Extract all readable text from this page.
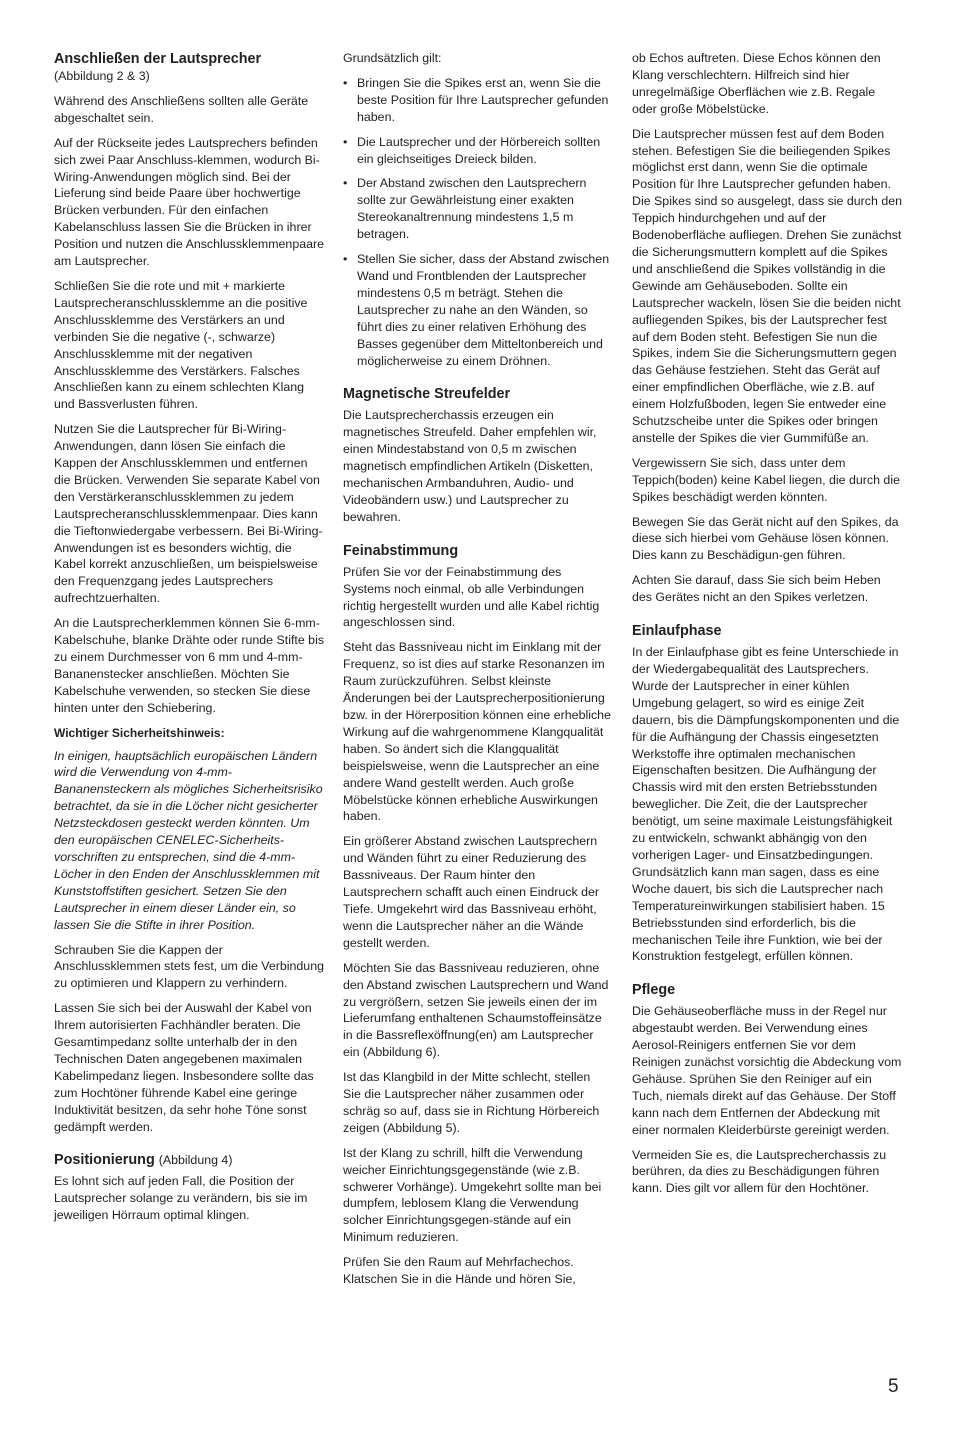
Anschließen der Lautsprecher

(Abbildung 2 & 3)

Während des Anschließens sollten alle Geräte abgeschaltet sein.

Auf der Rückseite jedes Lautsprechers befinden sich zwei Paar Anschluss-klemmen, wodurch Bi-Wiring-Anwendungen möglich sind. Bei der Lieferung sind beide Paare über hochwertige Brücken verbunden. Für den einfachen Kabelanschluss lassen Sie die Brücken in ihrer Position und nutzen die Anschlussklemmenpaare am Lautsprecher.

Schließen Sie die rote und mit + markierte Lautsprecheranschlussklemme an die positive Anschlussklemme des Verstärkers an und verbinden Sie die negative (-, schwarze) Anschlussklemme mit der negativen Anschlussklemme des Verstärkers. Falsches Anschließen kann zu einem schlechten Klang und Bassverlusten führen.

Nutzen Sie die Lautsprecher für Bi-Wiring-Anwendungen, dann lösen Sie einfach die Kappen der Anschlussklemmen und entfernen die Brücken. Verwenden Sie separate Kabel von den Verstärkeranschlussklemmen zu jedem Lautsprecheranschlussklemmenpaar. Dies kann die Tieftonwiedergabe verbessern. Bei Bi-Wiring-Anwendungen ist es besonders wichtig, die Kabel korrekt anzuschließen, um beispielsweise den Frequenzgang jedes Lautsprechers aufrechtzuerhalten.

An die Lautsprecherklemmen können Sie 6-mm-Kabelschuhe, blanke Drähte oder runde Stifte bis zu einem Durchmesser von 6 mm und 4-mm-Bananenstecker anschließen. Möchten Sie Kabelschuhe verwenden, so stecken Sie diese hinten unter den Schiebering.

Wichtiger Sicherheitshinweis:

In einigen, hauptsächlich europäischen Ländern wird die Verwendung von 4-mm-Bananensteckern als mögliches Sicherheitsrisiko betrachtet, da sie in die Löcher nicht gesicherter Netzsteckdosen gesteckt werden könnten. Um den europäischen CENELEC-Sicherheits-vorschriften zu entsprechen, sind die 4-mm-Löcher in den Enden der Anschlussklemmen mit Kunststoffstiften gesichert. Setzen Sie den Lautsprecher in einem dieser Länder ein, so lassen Sie die Stifte in ihrer Position.

Schrauben Sie die Kappen der Anschlussklemmen stets fest, um die Verbindung zu optimieren und Klappern zu verhindern.

Lassen Sie sich bei der Auswahl der Kabel von Ihrem autorisierten Fachhändler beraten. Die Gesamtimpedanz sollte unterhalb der in den Technischen Daten angegebenen maximalen Kabelimpedanz liegen. Insbesondere sollte das zum Hochtöner führende Kabel eine geringe Induktivität besitzen, da sehr hohe Töne sonst gedämpft werden.

Positionierung (Abbildung 4)

Es lohnt sich auf jeden Fall, die Position der Lautsprecher solange zu verändern, bis sie im jeweiligen Hörraum optimal klingen.

Grundsätzlich gilt:

• Bringen Sie die Spikes erst an, wenn Sie die beste Position für Ihre Lautsprecher gefunden haben.
• Die Lautsprecher und der Hörbereich sollten ein gleichseitiges Dreieck bilden.
• Der Abstand zwischen den Lautsprechern sollte zur Gewährleistung einer exakten Stereokanaltrennung mindestens 1,5 m betragen.
• Stellen Sie sicher, dass der Abstand zwischen Wand und Frontblenden der Lautsprecher mindestens 0,5 m beträgt. Stehen die Lautsprecher zu nahe an den Wänden, so führt dies zu einer relativen Erhöhung des Basses gegenüber dem Mitteltonbereich und möglicherweise zu einem Dröhnen.
Magnetische Streufelder

Die Lautsprecherchassis erzeugen ein magnetisches Streufeld. Daher empfehlen wir, einen Mindestabstand von 0,5 m zwischen magnetisch empfindlichen Artikeln (Disketten, mechanischen Armbanduhren, Audio- und Videobändern usw.) und Lautsprecher zu bewahren.

Feinabstimmung

Prüfen Sie vor der Feinabstimmung des Systems noch einmal, ob alle Verbindungen richtig hergestellt wurden und alle Kabel richtig angeschlossen sind.

Steht das Bassniveau nicht im Einklang mit der Frequenz, so ist dies auf starke Resonanzen im Raum zurückzuführen. Selbst kleinste Änderungen bei der Lautsprecherpositionierung bzw. in der Hörerposition können eine erhebliche Wirkung auf die wahrgenommene Klangqualität haben. So ändert sich die Klangqualität beispielsweise, wenn die Lautsprecher an eine andere Wand gestellt werden. Auch große Möbelstücke können erhebliche Auswirkungen haben.

Ein größerer Abstand zwischen Lautsprechern und Wänden führt zu einer Reduzierung des Bassniveaus. Der Raum hinter den Lautsprechern schafft auch einen Eindruck der Tiefe. Umgekehrt wird das Bassniveau erhöht, wenn die Lautsprecher näher an die Wände gestellt werden.

Möchten Sie das Bassniveau reduzieren, ohne den Abstand zwischen Lautsprechern und Wand zu vergrößern, setzen Sie jeweils einen der im Lieferumfang enthaltenen Schaumstoffeinsätze in die Bassreflexöffnung(en) am Lautsprecher ein (Abbildung 6).

Ist das Klangbild in der Mitte schlecht, stellen Sie die Lautsprecher näher zusammen oder schräg so auf, dass sie in Richtung Hörbereich zeigen (Abbildung 5).

Ist der Klang zu schrill, hilft die Verwendung weicher Einrichtungsgegenstände (wie z.B. schwerer Vorhänge). Umgekehrt sollte man bei dumpfem, leblosem Klang die Verwendung solcher Einrichtungsgegen-stände auf ein Minimum reduzieren.

Prüfen Sie den Raum auf Mehrfachechos. Klatschen Sie in die Hände und hören Sie,

ob Echos auftreten. Diese Echos können den Klang verschlechtern. Hilfreich sind hier unregelmäßige Oberflächen wie z.B. Regale oder große Möbelstücke.

Die Lautsprecher müssen fest auf dem Boden stehen. Befestigen Sie die beiliegenden Spikes möglichst erst dann, wenn Sie die optimale Position für Ihre Lautsprecher gefunden haben. Die Spikes sind so ausgelegt, dass sie durch den Teppich hindurchgehen und auf der Bodenoberfläche aufliegen. Drehen Sie zunächst die Sicherungsmuttern komplett auf die Spikes und anschließend die Spikes vollständig in die Gewinde am Gehäuseboden. Sollte ein Lautsprecher wackeln, lösen Sie die beiden nicht aufliegenden Spikes, bis der Lautsprecher fest auf dem Boden steht. Befestigen Sie nun die Spikes, indem Sie die Sicherungsmuttern gegen das Gehäuse festziehen. Steht das Gerät auf einer empfindlichen Oberfläche, wie z.B. auf einem Holzfußboden, legen Sie entweder eine Schutzscheibe unter die Spikes oder bringen anstelle der Spikes die vier Gummifüße an.

Vergewissern Sie sich, dass unter dem Teppich(boden) keine Kabel liegen, die durch die Spikes beschädigt werden könnten.

Bewegen Sie das Gerät nicht auf den Spikes, da diese sich hierbei vom Gehäuse lösen können. Dies kann zu Beschädigun-gen führen.

Achten Sie darauf, dass Sie sich beim Heben des Gerätes nicht an den Spikes verletzen.

Einlaufphase

In der Einlaufphase gibt es feine Unterschiede in der Wiedergabequalität des Lautsprechers. Wurde der Lautsprecher in einer kühlen Umgebung gelagert, so wird es einige Zeit dauern, bis die Dämpfungskomponenten und die für die Aufhängung der Chassis eingesetzten Werkstoffe ihre optimalen mechanischen Eigenschaften besitzen. Die Aufhängung der Chassis wird mit den ersten Betriebsstunden beweglicher. Die Zeit, die der Lautsprecher benötigt, um seine maximale Leistungsfähigkeit zu entwickeln, schwankt abhängig von den vorherigen Lager- und Einsatzbedingungen. Grundsätzlich kann man sagen, dass es eine Woche dauert, bis sich die Lautsprecher nach Temperatureinwirkungen stabilisiert haben. 15 Betriebsstunden sind erforderlich, bis die mechanischen Teile ihre Funktion, wie bei der Konstruktion festgelegt, erfüllen können.

Pflege

Die Gehäuseoberfläche muss in der Regel nur abgestaubt werden. Bei Verwendung eines Aerosol-Reinigers entfernen Sie vor dem Reinigen zunächst vorsichtig die Abdeckung vom Gehäuse. Sprühen Sie den Reiniger auf ein Tuch, niemals direkt auf das Gehäuse. Der Stoff kann nach dem Entfernen der Abdeckung mit einer normalen Kleiderbürste gereinigt werden.

Vermeiden Sie es, die Lautsprecherchassis zu berühren, da dies zu Beschädigungen führen kann. Dies gilt vor allem für den Hochtöner.

5
